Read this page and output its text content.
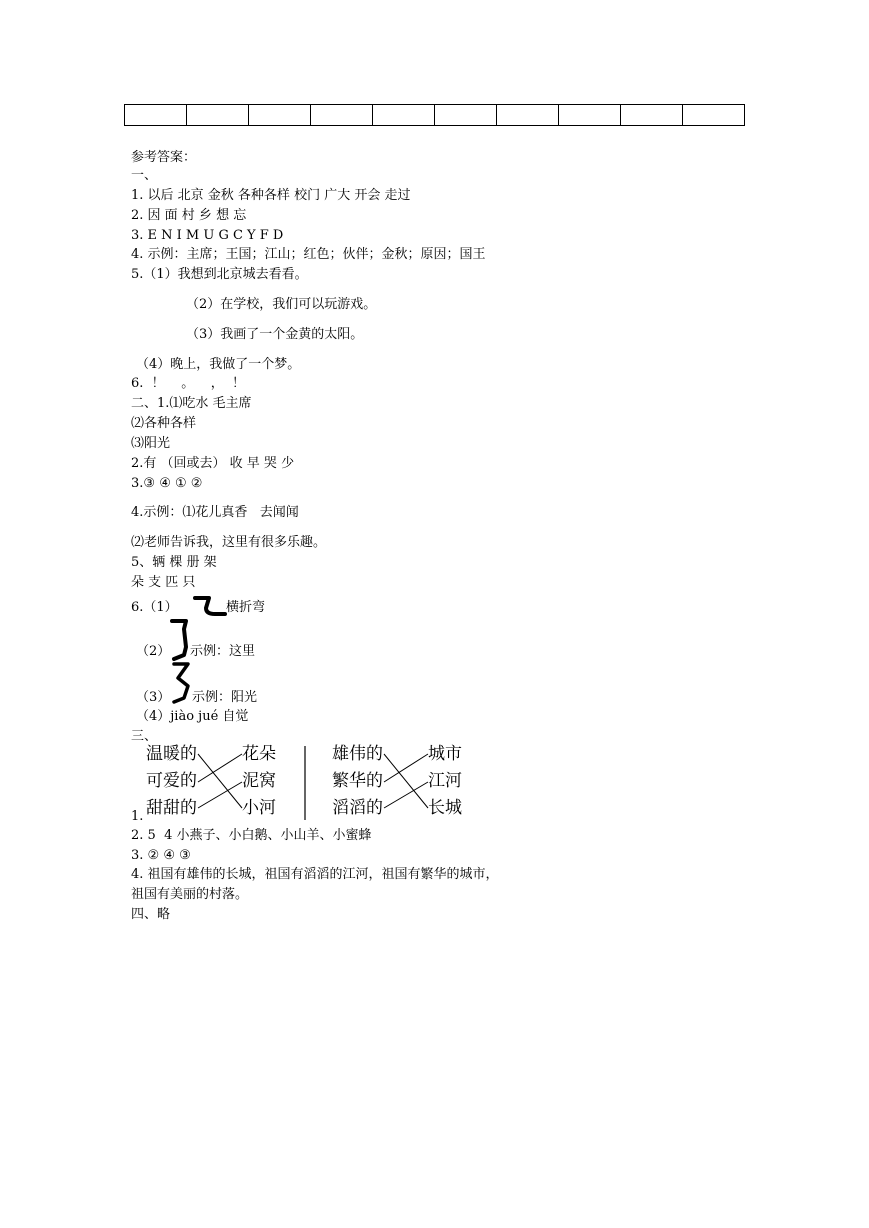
参考答案：
一、
1. 以后 北京 金秋 各种各样 校门 广大 开会 走过
2. 因 面 村 乡 想 忘
3. E N I M U G C Y F D
4. 示例：主席；王国；江山；红色；伙伴；金秋；原因；国王
5.（1）我想到北京城去看看。
（2）在学校，我们可以玩游戏。
（3）我画了一个金黄的太阳。
（4）晚上，我做了一个梦。
6.  ！    。    ，  ！
二、1.⑴吃水 毛主席
⑵各种各样
⑶阳光
2.有 （回或去） 收 早 哭 少
3.③ ④ ① ②
4.示例：⑴花儿真香   去闻闻
⑵老师告诉我，这里有很多乐趣。
5、辆 棵 册 架
朵 支 匹 只
6.（1）	横折弯
（2） 示例：这里
（3） 示例：阳光
（4）jiào jué 自觉
三、
温暖的
可爱的
甜甜的
花朵
泥窝
小河
雄伟的
繁华的
滔滔的
城市
江河
长城
1.
2. 5  4 小燕子、小白鹅、小山羊、小蜜蜂
3. ② ④ ③
4. 祖国有雄伟的长城，祖国有滔滔的江河，祖国有繁华的城市，
祖国有美丽的村落。
四、略
